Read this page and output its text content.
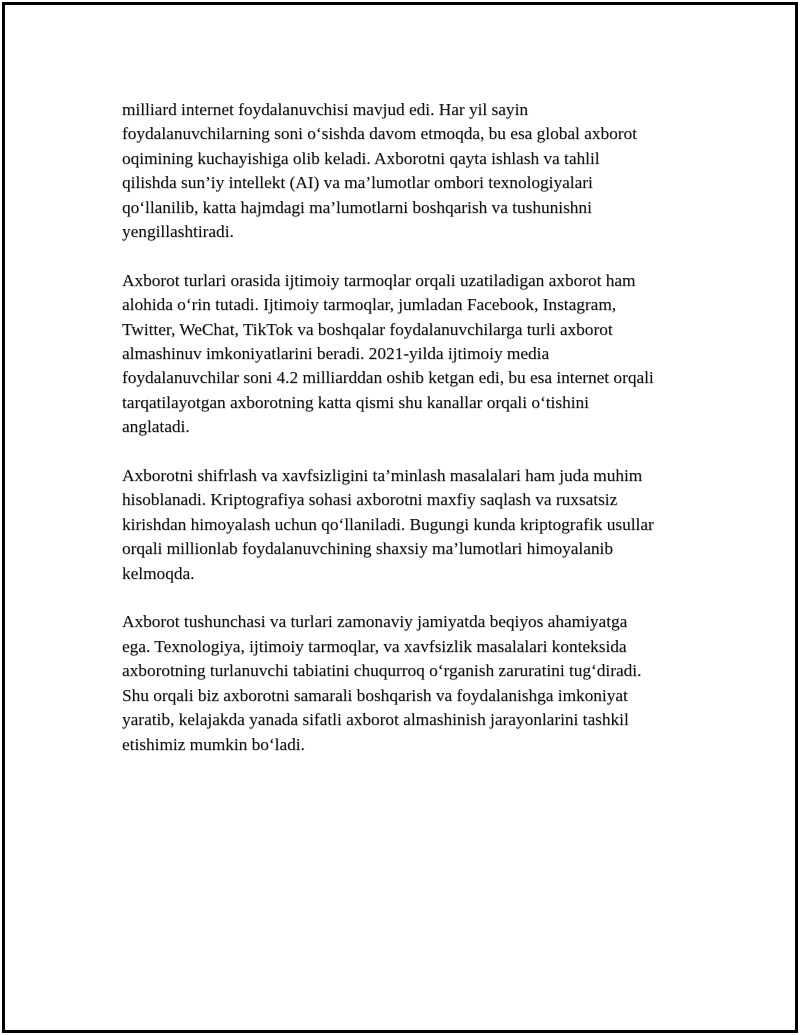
milliard internet foydalanuvchisi mavjud edi. Har yil sayin
foydalanuvchilarning soni o‘sishda davom etmoqda, bu esa global axborot
oqimining kuchayishiga olib keladi. Axborotni qayta ishlash va tahlil
qilishda sun’iy intellekt (AI) va ma’lumotlar ombori texnologiyalari
qo‘llanilib, katta hajmdagi ma’lumotlarni boshqarish va tushunishni
yengillashtiradi.

Axborot turlari orasida ijtimoiy tarmoqlar orqali uzatiladigan axborot ham
alohida o‘rin tutadi. Ijtimoiy tarmoqlar, jumladan Facebook, Instagram,
Twitter, WeChat, TikTok va boshqalar foydalanuvchilarga turli axborot
almashinuv imkoniyatlarini beradi. 2021-yilda ijtimoiy media
foydalanuvchilar soni 4.2 milliarddan oshib ketgan edi, bu esa internet orqali
tarqatilayotgan axborotning katta qismi shu kanallar orqali o‘tishini
anglatadi.

Axborotni shifrlash va xavfsizligini ta’minlash masalalari ham juda muhim
hisoblanadi. Kriptografiya sohasi axborotni maxfiy saqlash va ruxsatsiz
kirishdan himoyalash uchun qo‘llaniladi. Bugungi kunda kriptografik usullar
orqali millionlab foydalanuvchining shaxsiy ma’lumotlari himoyalanib
kelmoqda.

Axborot tushunchasi va turlari zamonaviy jamiyatda beqiyos ahamiyatga
ega. Texnologiya, ijtimoiy tarmoqlar, va xavfsizlik masalalari konteksida
axborotning turlanuvchi tabiatini chuqurroq o‘rganish zaruratini tug‘diradi.
Shu orqali biz axborotni samarali boshqarish va foydalanishga imkoniyat
yaratib, kelajakda yanada sifatli axborot almashinish jarayonlarini tashkil
etishimiz mumkin bo‘ladi.
